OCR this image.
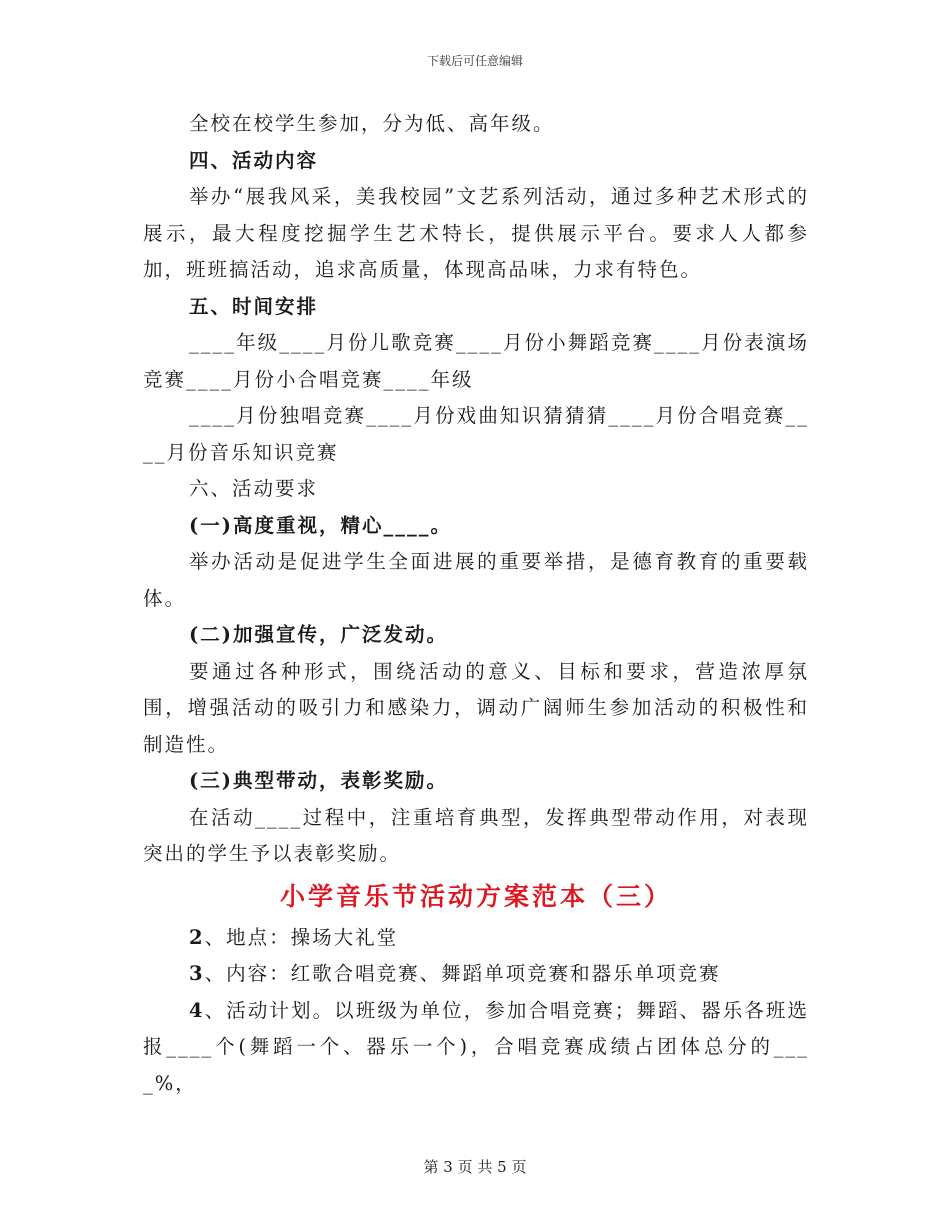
下载后可任意编辑

全校在校学生参加，分为低、高年级。

四、活动内容

举办“展我风采，美我校园”文艺系列活动，通过多种艺术形式的展示，最大程度挖掘学生艺术特长，提供展示平台。要求人人都参加，班班搞活动，追求高质量，体现高品味，力求有特色。

五、时间安排

____年级____月份儿歌竞赛____月份小舞蹈竞赛____月份表演场竞赛____月份小合唱竞赛____年级

____月份独唱竞赛____月份戏曲知识猜猜猜____月份合唱竞赛____月份音乐知识竞赛

六、活动要求

(一)高度重视，精心____。

举办活动是促进学生全面进展的重要举措，是德育教育的重要载体。

(二)加强宣传，广泛发动。

要通过各种形式，围绕活动的意义、目标和要求，营造浓厚氛围，增强活动的吸引力和感染力，调动广阔师生参加活动的积极性和制造性。

(三)典型带动，表彰奖励。

在活动____过程中，注重培育典型，发挥典型带动作用，对表现突出的学生予以表彰奖励。

小学音乐节活动方案范本（三）

2、地点：操场大礼堂

3、内容：红歌合唱竞赛、舞蹈单项竞赛和器乐单项竞赛

4、活动计划。以班级为单位，参加合唱竞赛；舞蹈、器乐各班选报____个(舞蹈一个、器乐一个)，合唱竞赛成绩占团体总分的____%，

第 3 页 共 5 页
